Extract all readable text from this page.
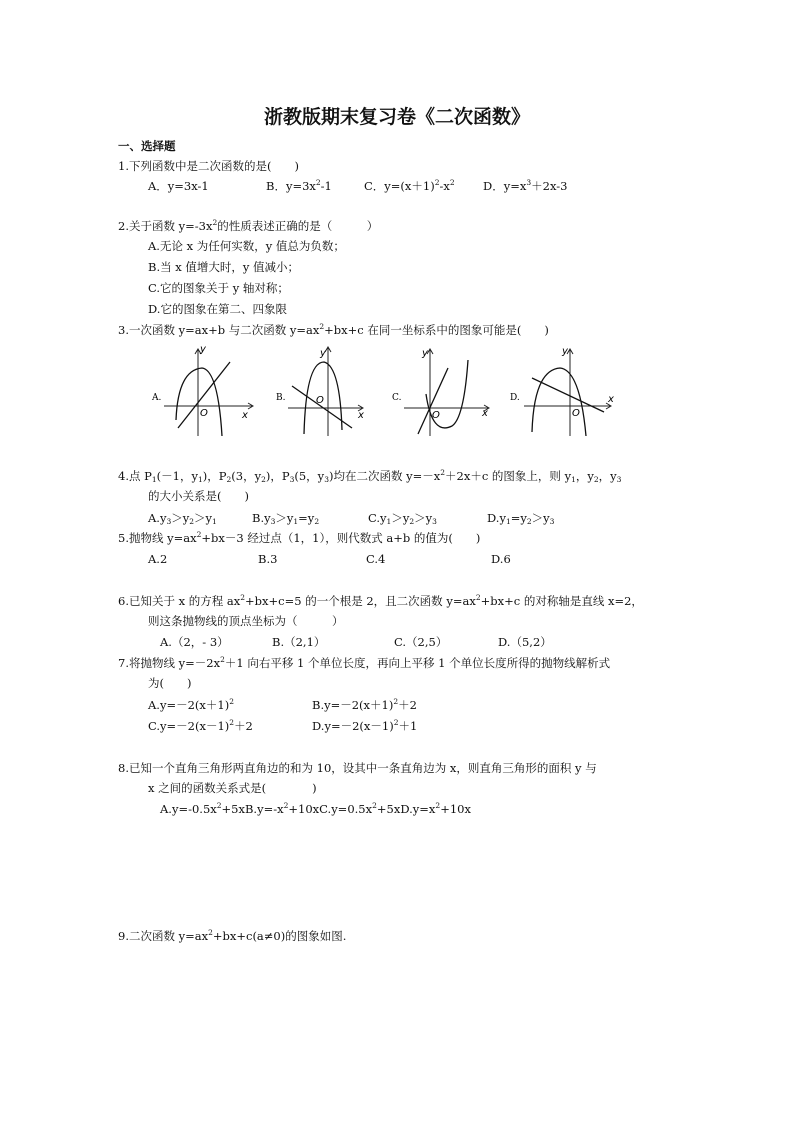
浙教版期末复习卷《二次函数》
一、选择题
1.下列函数中是二次函数的是(　　)
A．y=3x-1	B．$y=3x^2-1$	C．$y=(x+1)^2-x^2$ D．$y=x^3+2x-3$
2.关于函数 $y=-3x^2$的性质表述正确的是（　　　）
A.无论 x 为任何实数，y 值总为负数；
B.当 x 值增大时，y 值减小；
C.它的图象关于 y 轴对称；
D.它的图象在第二、四象限
3.一次函数 y=ax+b 与二次函数 $y=ax^2+bx+c$ 在同一坐标系中的图象可能是(　　)
A.
x
y
O
B.
x
y
O	C.
x
y
O
D.	x
y
O
4.点 $P_1(-1$，$y_1$)，$P_2(3$，$y_2$)，$P_3(5$，$y_3$)均在二次函数 $y=-x^2+2x+c$ 的图象上，则 $y_1$，$y_2$，$y_3$
的大小关系是(　　)
$A.y_3>y_2>y_1$	$B.y_3>y_1=y_2$	$C.y_1>y_2>y_3$	$D.y_1=y_2>y_3$
5.抛物线 $y=ax^2+bx-3$ 经过点（1，1），则代数式 a+b 的值为(　　)
A.2	B.3	C.4	D.6
6.已知关于 x 的方程 $ax^2+bx+c=5$ 的一个根是 2，且二次函数 $y=ax^2+bx+c$ 的对称轴是直线 x=2，
则这条抛物线的顶点坐标为（　　　）
A.（2，- 3）	B.（2,1）	C.（2,5）	D.（5,2）
7.将抛物线 $y=-2x^2+1$ 向右平移 1 个单位长度，再向上平移 1 个单位长度所得的抛物线解析式
为(　　)
$A.y=-2(x+1)^2$	$B.y=-2(x+1)^2+2$
$C.y=-2(x-1)^2+2$	$D.y=-2(x-1)^2+1$
8.已知一个直角三角形两直角边的和为 10，设其中一条直角边为 x，则直角三角形的面积 y 与
x 之间的函数关系式是(　　　　)
$A.y=-0.5x^2+5xB.y=-x^2+10xC.y=0.5x^2+5xD.y=x^2+10x$
9.二次函数 $y=ax^2+bx+c(a\ne 0)$的图象如图.
